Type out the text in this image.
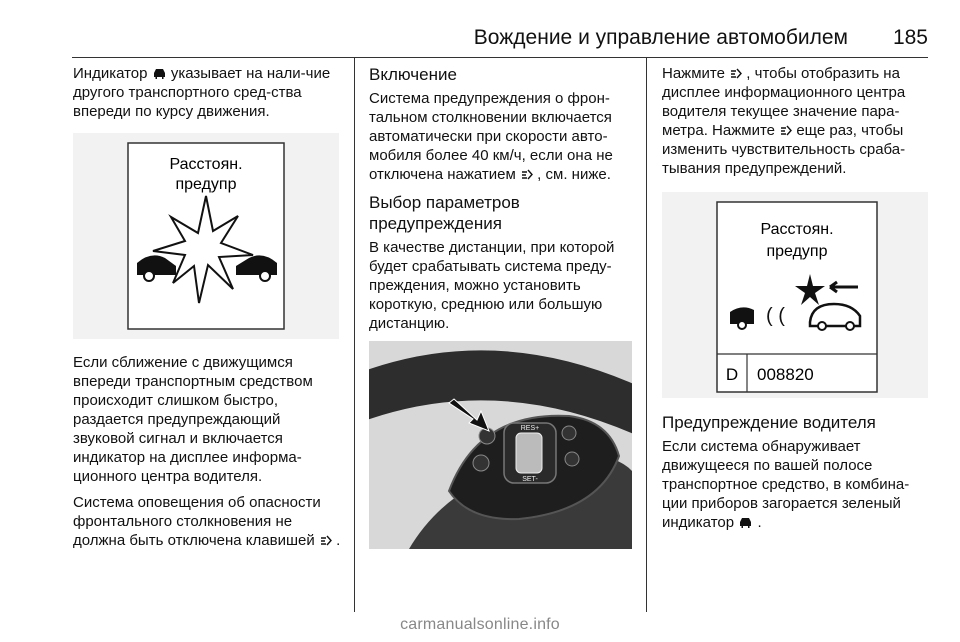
Вождение и управление автомобилем 185

Индикатор указывает на нали-чие другого транспортного сред-ства впереди по курсу движения.

Расстоян.
предупр

Если сближение с движущимся впереди транспортным средством происходит слишком быстро, раздается предупреждающий звуковой сигнал и включается индикатор на дисплее информа-ционного центра водителя.

Система оповещения об опасности фронтального столкновения не должна быть отключена клавишей .

Включение

Система предупреждения о фрон-тальном столкновении включается автоматически при скорости авто-мобиля более 40 км/ч, если она не отключена нажатием , см. ниже.

Выбор параметров предупреждения

В качестве дистанции, при которой будет срабатывать система преду-преждения, можно установить короткую, среднюю или большую дистанцию.

RES+
SET-

Нажмите , чтобы отобразить на дисплее информационного центра водителя текущее значение пара-метра. Нажмите еще раз, чтобы изменить чувствительность сраба-тывания предупреждений.

Расстоян.
предупр
( (
D 008820
Предупреждение водителя

Если система обнаруживает движущееся по вашей полосе транспортное средство, в комбина-ции приборов загорается зеленый индикатор .

carmanualsonline.info
